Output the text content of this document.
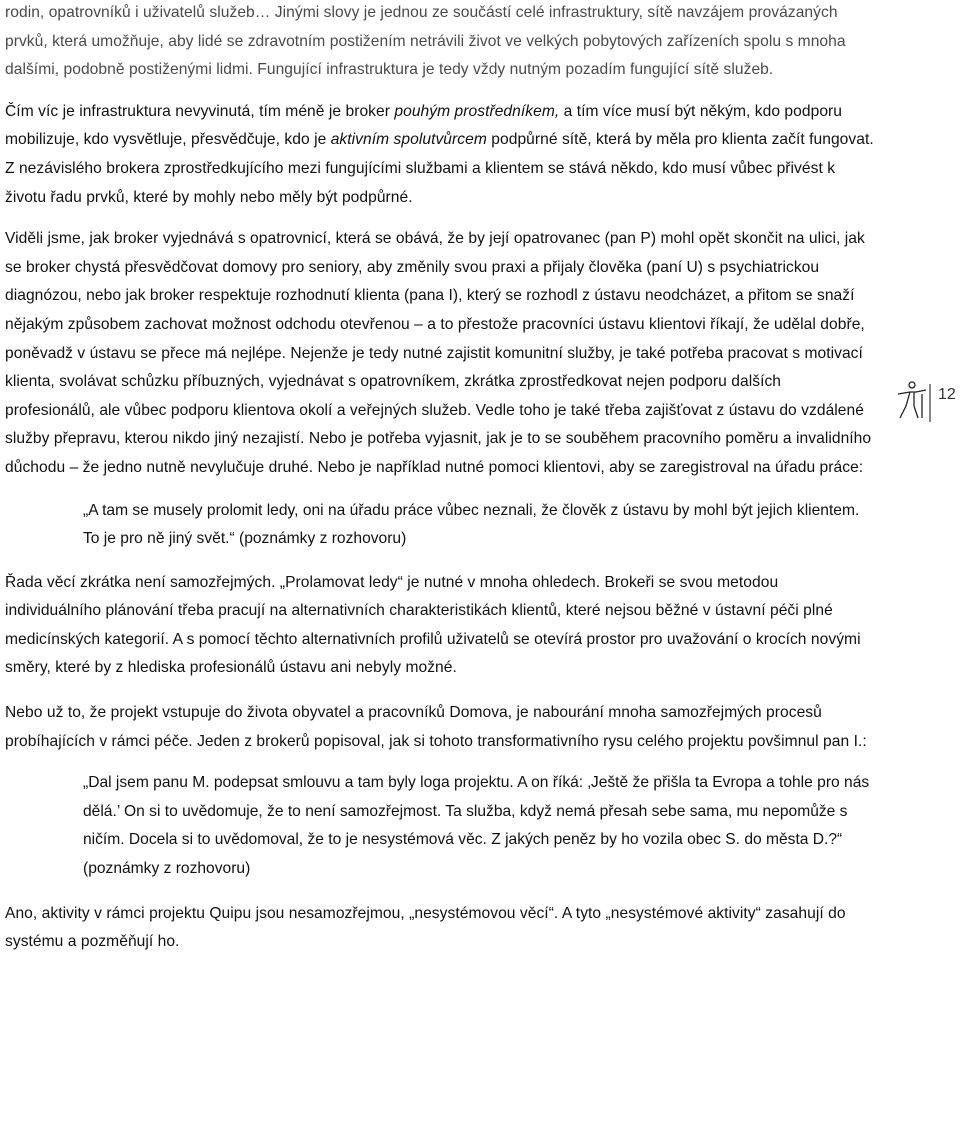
rodin, opatrovníků i uživatelů služeb… Jinými slovy je jednou ze součástí celé infrastruktury, sítě navzájem provázaných prvků, která umožňuje, aby lidé se zdravotním postižením netrávili život ve velkých pobytových zařízeních spolu s mnoha dalšími, podobně postiženými lidmi. Fungující infrastruktura je tedy vždy nutným pozadím fungující sítě služeb.

Čím víc je infrastruktura nevyvinutá, tím méně je broker pouhým prostředníkem, a tím více musí být někým, kdo podporu mobilizuje, kdo vysvětluje, přesvědčuje, kdo je aktivním spolutvůrcem podpůrné sítě, která by měla pro klienta začít fungovat. Z nezávislého brokera zprostředkujícího mezi fungujícími službami a klientem se stává někdo, kdo musí vůbec přivést k životu řadu prvků, které by mohly nebo měly být podpůrné.

Viděli jsme, jak broker vyjednává s opatrovnicí, která se obává, že by její opatrovanec (pan P) mohl opět skončit na ulici, jak se broker chystá přesvědčovat domovy pro seniory, aby změnily svou praxi a přijaly člověka (paní U) s psychiatrickou diagnózou, nebo jak broker respektuje rozhodnutí klienta (pana I), který se rozhodl z ústavu neodcházet, a přitom se snaží nějakým způsobem zachovat možnost odchodu otevřenou – a to přestože pracovníci ústavu klientovi říkají, že udělal dobře, poněvadž v ústavu se přece má nejlépe. Nejenže je tedy nutné zajistit komunitní služby, je také potřeba pracovat s motivací klienta, svolávat schůzku příbuzných, vyjednávat s opatrovníkem, zkrátka zprostředkovat nejen podporu dalších profesionálů, ale vůbec podporu klientova okolí a veřejných služeb. Vedle toho je také třeba zajišťovat z ústavu do vzdálené služby přepravu, kterou nikdo jiný nezajistí. Nebo je potřeba vyjasnit, jak je to se souběhem pracovního poměru a invalidního důchodu – že jedno nutně nevylučuje druhé. Nebo je například nutné pomoci klientovi, aby se zaregistroval na úřadu práce:

„A tam se musely prolomit ledy, oni na úřadu práce vůbec neznali, že člověk z ústavu by mohl být jejich klientem. To je pro ně jiný svět.“ (poznámky z rozhovoru)

Řada věcí zkrátka není samozřejmých. „Prolamovat ledy“ je nutné v mnoha ohledech. Brokeři se svou metodou individuálního plánování třeba pracují na alternativních charakteristikách klientů, které nejsou běžné v ústavní péči plné medicínských kategorií. A s pomocí těchto alternativních profilů uživatelů se otevírá prostor pro uvažování o krocích novými směry, které by z hlediska profesionálů ústavu ani nebyly možné.

Nebo už to, že projekt vstupuje do života obyvatel a pracovníků Domova, je nabourání mnoha samozřejmých procesů probíhajících v rámci péče. Jeden z brokerů popisoval, jak si tohoto transformativního rysu celého projektu povšimnul pan I.:

„Dal jsem panu M. podepsat smlouvu a tam byly loga projektu. A on říká: ‚Ještě že přišla ta Evropa a tohle pro nás dělá.’ On si to uvědomuje, že to není samozřejmost. Ta služba, když nemá přesah sebe sama, mu nepomůže s ničím. Docela si to uvědomoval, že to je nesystémová věc. Z jakých peněz by ho vozila obec S. do města D.?“ (poznámky z rozhovoru)

Ano, aktivity v rámci projektu Quipu jsou nesamozřejmou, „nesystémovou věcí“. A tyto „nesystémové aktivity“ zasahují do systému a pozměňují ho.

12
